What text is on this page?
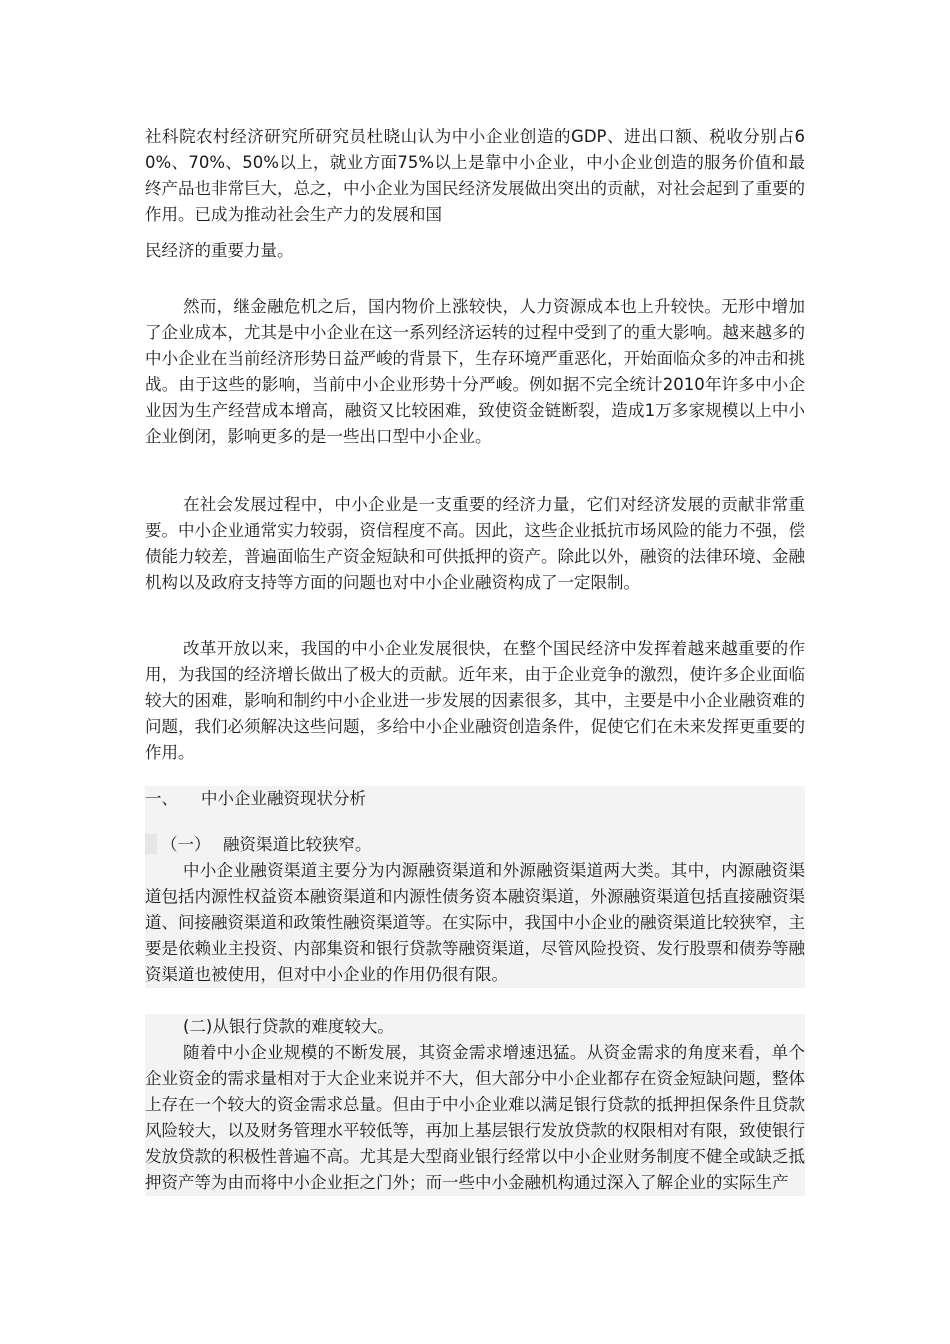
社科院农村经济研究所研究员杜晓山认为中小企业创造的GDP、进出口额、税收分别占60%、70%、50%以上，就业方面75%以上是靠中小企业，中小企业创造的服务价值和最终产品也非常巨大，总之，中小企业为国民经济发展做出突出的贡献，对社会起到了重要的作用。已成为推动社会生产力的发展和国

民经济的重要力量。

然而，继金融危机之后，国内物价上涨较快，人力资源成本也上升较快。无形中增加了企业成本，尤其是中小企业在这一系列经济运转的过程中受到了的重大影响。越来越多的中小企业在当前经济形势日益严峻的背景下，生存环境严重恶化，开始面临众多的冲击和挑战。由于这些的影响，当前中小企业形势十分严峻。例如据不完全统计2010年许多中小企业因为生产经营成本增高，融资又比较困难，致使资金链断裂，造成1万多家规模以上中小企业倒闭，影响更多的是一些出口型中小企业。

在社会发展过程中，中小企业是一支重要的经济力量，它们对经济发展的贡献非常重要。中小企业通常实力较弱，资信程度不高。因此，这些企业抵抗市场风险的能力不强，偿债能力较差，普遍面临生产资金短缺和可供抵押的资产。除此以外，融资的法律环境、金融机构以及政府支持等方面的问题也对中小企业融资构成了一定限制。

改革开放以来，我国的中小企业发展很快，在整个国民经济中发挥着越来越重要的作用，为我国的经济增长做出了极大的贡献。近年来，由于企业竞争的激烈，使许多企业面临较大的困难，影响和制约中小企业进一步发展的因素很多，其中，主要是中小企业融资难的问题，我们必须解决这些问题，多给中小企业融资创造条件，促使它们在未来发挥更重要的作用。

一、 中小企业融资现状分析
（一） 融资渠道比较狭窄。

中小企业融资渠道主要分为内源融资渠道和外源融资渠道两大类。其中，内源融资渠道包括内源性权益资本融资渠道和内源性债务资本融资渠道，外源融资渠道包括直接融资渠道、间接融资渠道和政策性融资渠道等。在实际中，我国中小企业的融资渠道比较狭窄，主要是依赖业主投资、内部集资和银行贷款等融资渠道，尽管风险投资、发行股票和债券等融资渠道也被使用，但对中小企业的作用仍很有限。

(二)从银行贷款的难度较大。

随着中小企业规模的不断发展，其资金需求增速迅猛。从资金需求的角度来看，单个企业资金的需求量相对于大企业来说并不大，但大部分中小企业都存在资金短缺问题，整体上存在一个较大的资金需求总量。但由于中小企业难以满足银行贷款的抵押担保条件且贷款风险较大，以及财务管理水平较低等，再加上基层银行发放贷款的权限相对有限，致使银行发放贷款的积极性普遍不高。尤其是大型商业银行经常以中小企业财务制度不健全或缺乏抵押资产等为由而将中小企业拒之门外；而一些中小金融机构通过深入了解企业的实际生产
